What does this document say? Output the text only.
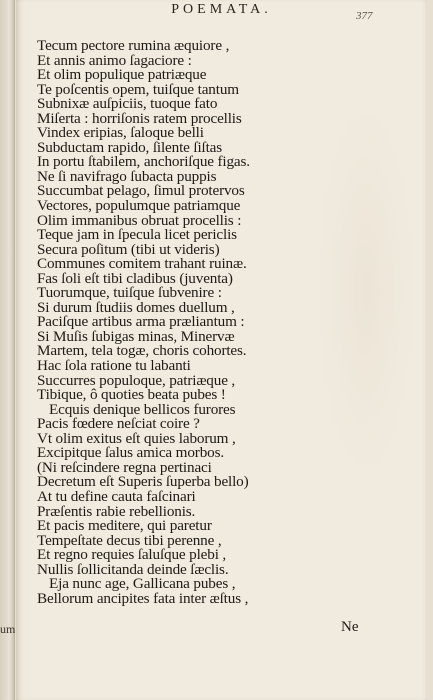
um
POEMATA.	377
Tecum pectore rumina æquiore ,
Et annis animo ſagaciore :
Et olim populique patriæque
Te poſcentis opem, tuiſque tantum
Subnixæ auſpiciis, tuoque fato
Miſerta : horriſonis ratem procellis
Vindex eripias, ſaloque belli
Subductam rapido, ſilente ſiſtas
In portu ſtabilem, anchoriſque figas.
Ne ſi navifrago ſubacta puppis
Succumbat pelago, ſimul protervos
Vectores, populumque patriamque
Olim immanibus obruat procellis :
Teque jam in ſpecula licet periclis
Secura poſitum (tibi ut videris)
Communes comitem trahant ruinæ.
Fas ſoli eſt tibi cladibus (juventa)
Tuorumque, tuiſque ſubvenire :
Si durum ſtudiis domes duellum ,
Paciſque artibus arma præliantum :
Si Muſis ſubigas minas, Minervæ
Martem, tela togæ, choris cohortes.
Hac ſola ratione tu labanti
Succurres populoque, patriæque ,
Tibique, ô quoties beata pubes !
Ecquis denique bellicos furores
Pacis fœdere neſciat coire ?
Vt olim exitus eſt quies laborum ,
Excipitque ſalus amica morbos.
(Ni reſcindere regna pertinaci
Decretum eſt Superis ſuperba bello)
At tu define cauta faſcinari
Præſentis rabie rebellionis.
Et pacis meditere, qui paretur
Tempeſtate decus tibi perenne ,
Et regno requies ſaluſque plebi ,
Nullis ſollicitanda deinde ſæclis.
Eja nunc age, Gallicana pubes ,
Bellorum ancipites fata inter æſtus ,
Ne
